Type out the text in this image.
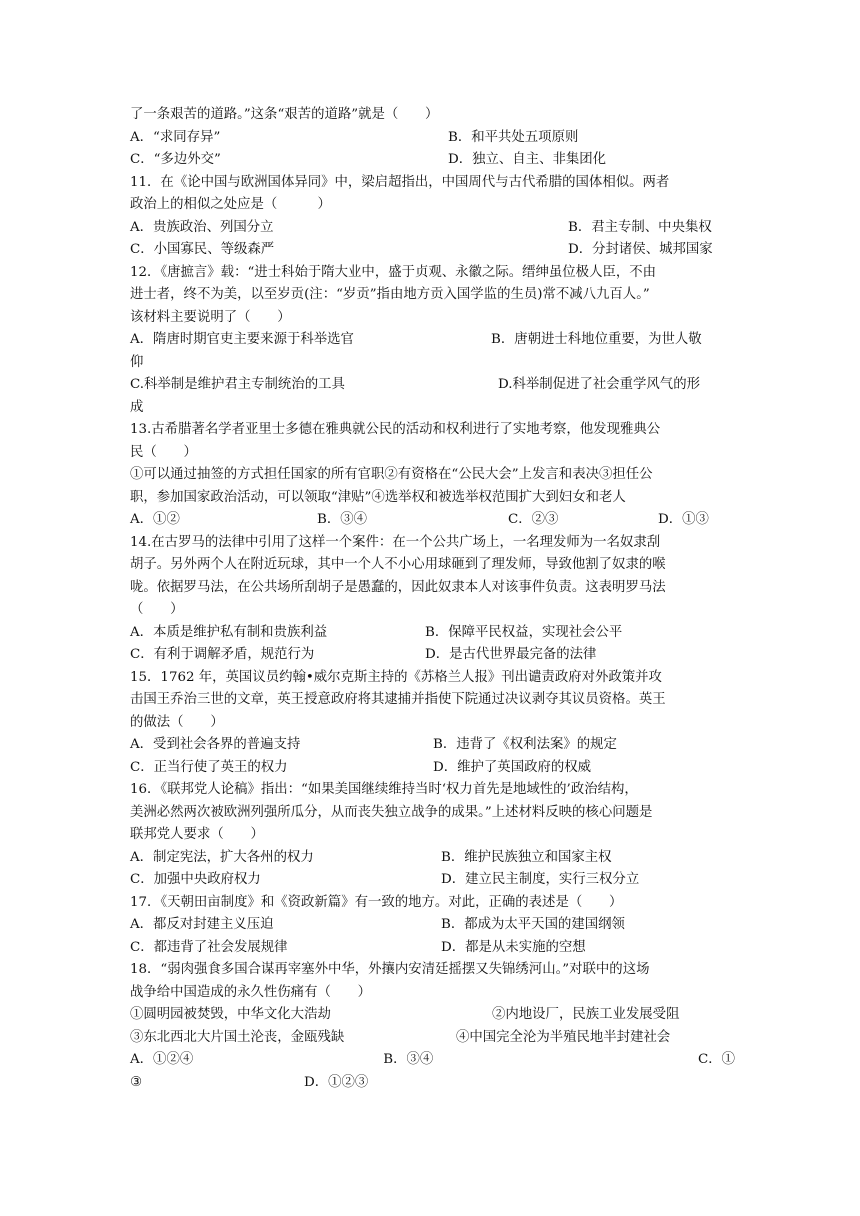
了一条艰苦的道路。”这条“艰苦的道路”就是（　　）
A．“求同存异”	B．和平共处五项原则
C．“多边外交”	D．独立、自主、非集团化
11．在《论中国与欧洲国体异同》中，梁启超指出，中国周代与古代希腊的国体相似。两者
政治上的相似之处应是（　　　）
A．贵族政治、列国分立	B．君主专制、中央集权
C．小国寡民、等级森严	D．分封诸侯、城邦国家
12．《唐摭言》载：“进士科始于隋大业中，盛于贞观、永徽之际。缙绅虽位极人臣，不由
进士者，终不为美，以至岁贡(注：“岁贡”指由地方贡入国学监的生员)常不减八九百人。”
该材料主要说明了（　　）
A．隋唐时期官吏主要来源于科举选官	B．唐朝进士科地位重要，为世人敬
仰
C.科举制是维护君主专制统治的工具	D.科举制促进了社会重学风气的形
成
13.古希腊著名学者亚里士多德在雅典就公民的活动和权利进行了实地考察，他发现雅典公
民（　　）
①可以通过抽签的方式担任国家的所有官职②有资格在“公民大会”上发言和表决③担任公
职，参加国家政治活动，可以领取“津贴”④选举权和被选举权范围扩大到妇女和老人
A．①②	B．③④	C．②③	D．①③
14.在古罗马的法律中引用了这样一个案件：在一个公共广场上，一名理发师为一名奴隶刮
胡子。另外两个人在附近玩球，其中一个人不小心用球砸到了理发师，导致他割了奴隶的喉
咙。依据罗马法，在公共场所刮胡子是愚蠢的，因此奴隶本人对该事件负责。这表明罗马法
（　　）
A．本质是维护私有制和贵族利益	B．保障平民权益，实现社会公平
C．有利于调解矛盾，规范行为	D．是古代世界最完备的法律
15．1762 年，英国议员约翰•威尔克斯主持的《苏格兰人报》刊出谴责政府对外政策并攻
击国王乔治三世的文章，英王授意政府将其逮捕并指使下院通过决议剥夺其议员资格。英王
的做法（　　）
A．受到社会各界的普遍支持	B．违背了《权利法案》的规定
C．正当行使了英王的权力	D．维护了英国政府的权威
16．《联邦党人论稿》指出：“如果美国继续维持当时‘权力首先是地域性的’政治结构，
美洲必然两次被欧洲列强所瓜分，从而丧失独立战争的成果。”上述材料反映的核心问题是
联邦党人要求（　　）
A．制定宪法，扩大各州的权力	B．维护民族独立和国家主权
C．加强中央政府权力	D．建立民主制度，实行三权分立
17．《天朝田亩制度》和《资政新篇》有一致的地方。对此，正确的表述是（　　）
A．都反对封建主义压迫	B．都成为太平天国的建国纲领
C．都违背了社会发展规律	D．都是从未实施的空想
18．“弱肉强食多国合谋再宰塞外中华，外攘内安清廷摇摆又失锦绣河山。”对联中的这场
战争给中国造成的永久性伤痛有（　　）
①圆明园被焚毁，中华文化大浩劫	②内地设厂，民族工业发展受阻
③东北西北大片国土沦丧，金瓯残缺	④中国完全沦为半殖民地半封建社会
A．①②④	B．③④	C．①
③	D．①②③
